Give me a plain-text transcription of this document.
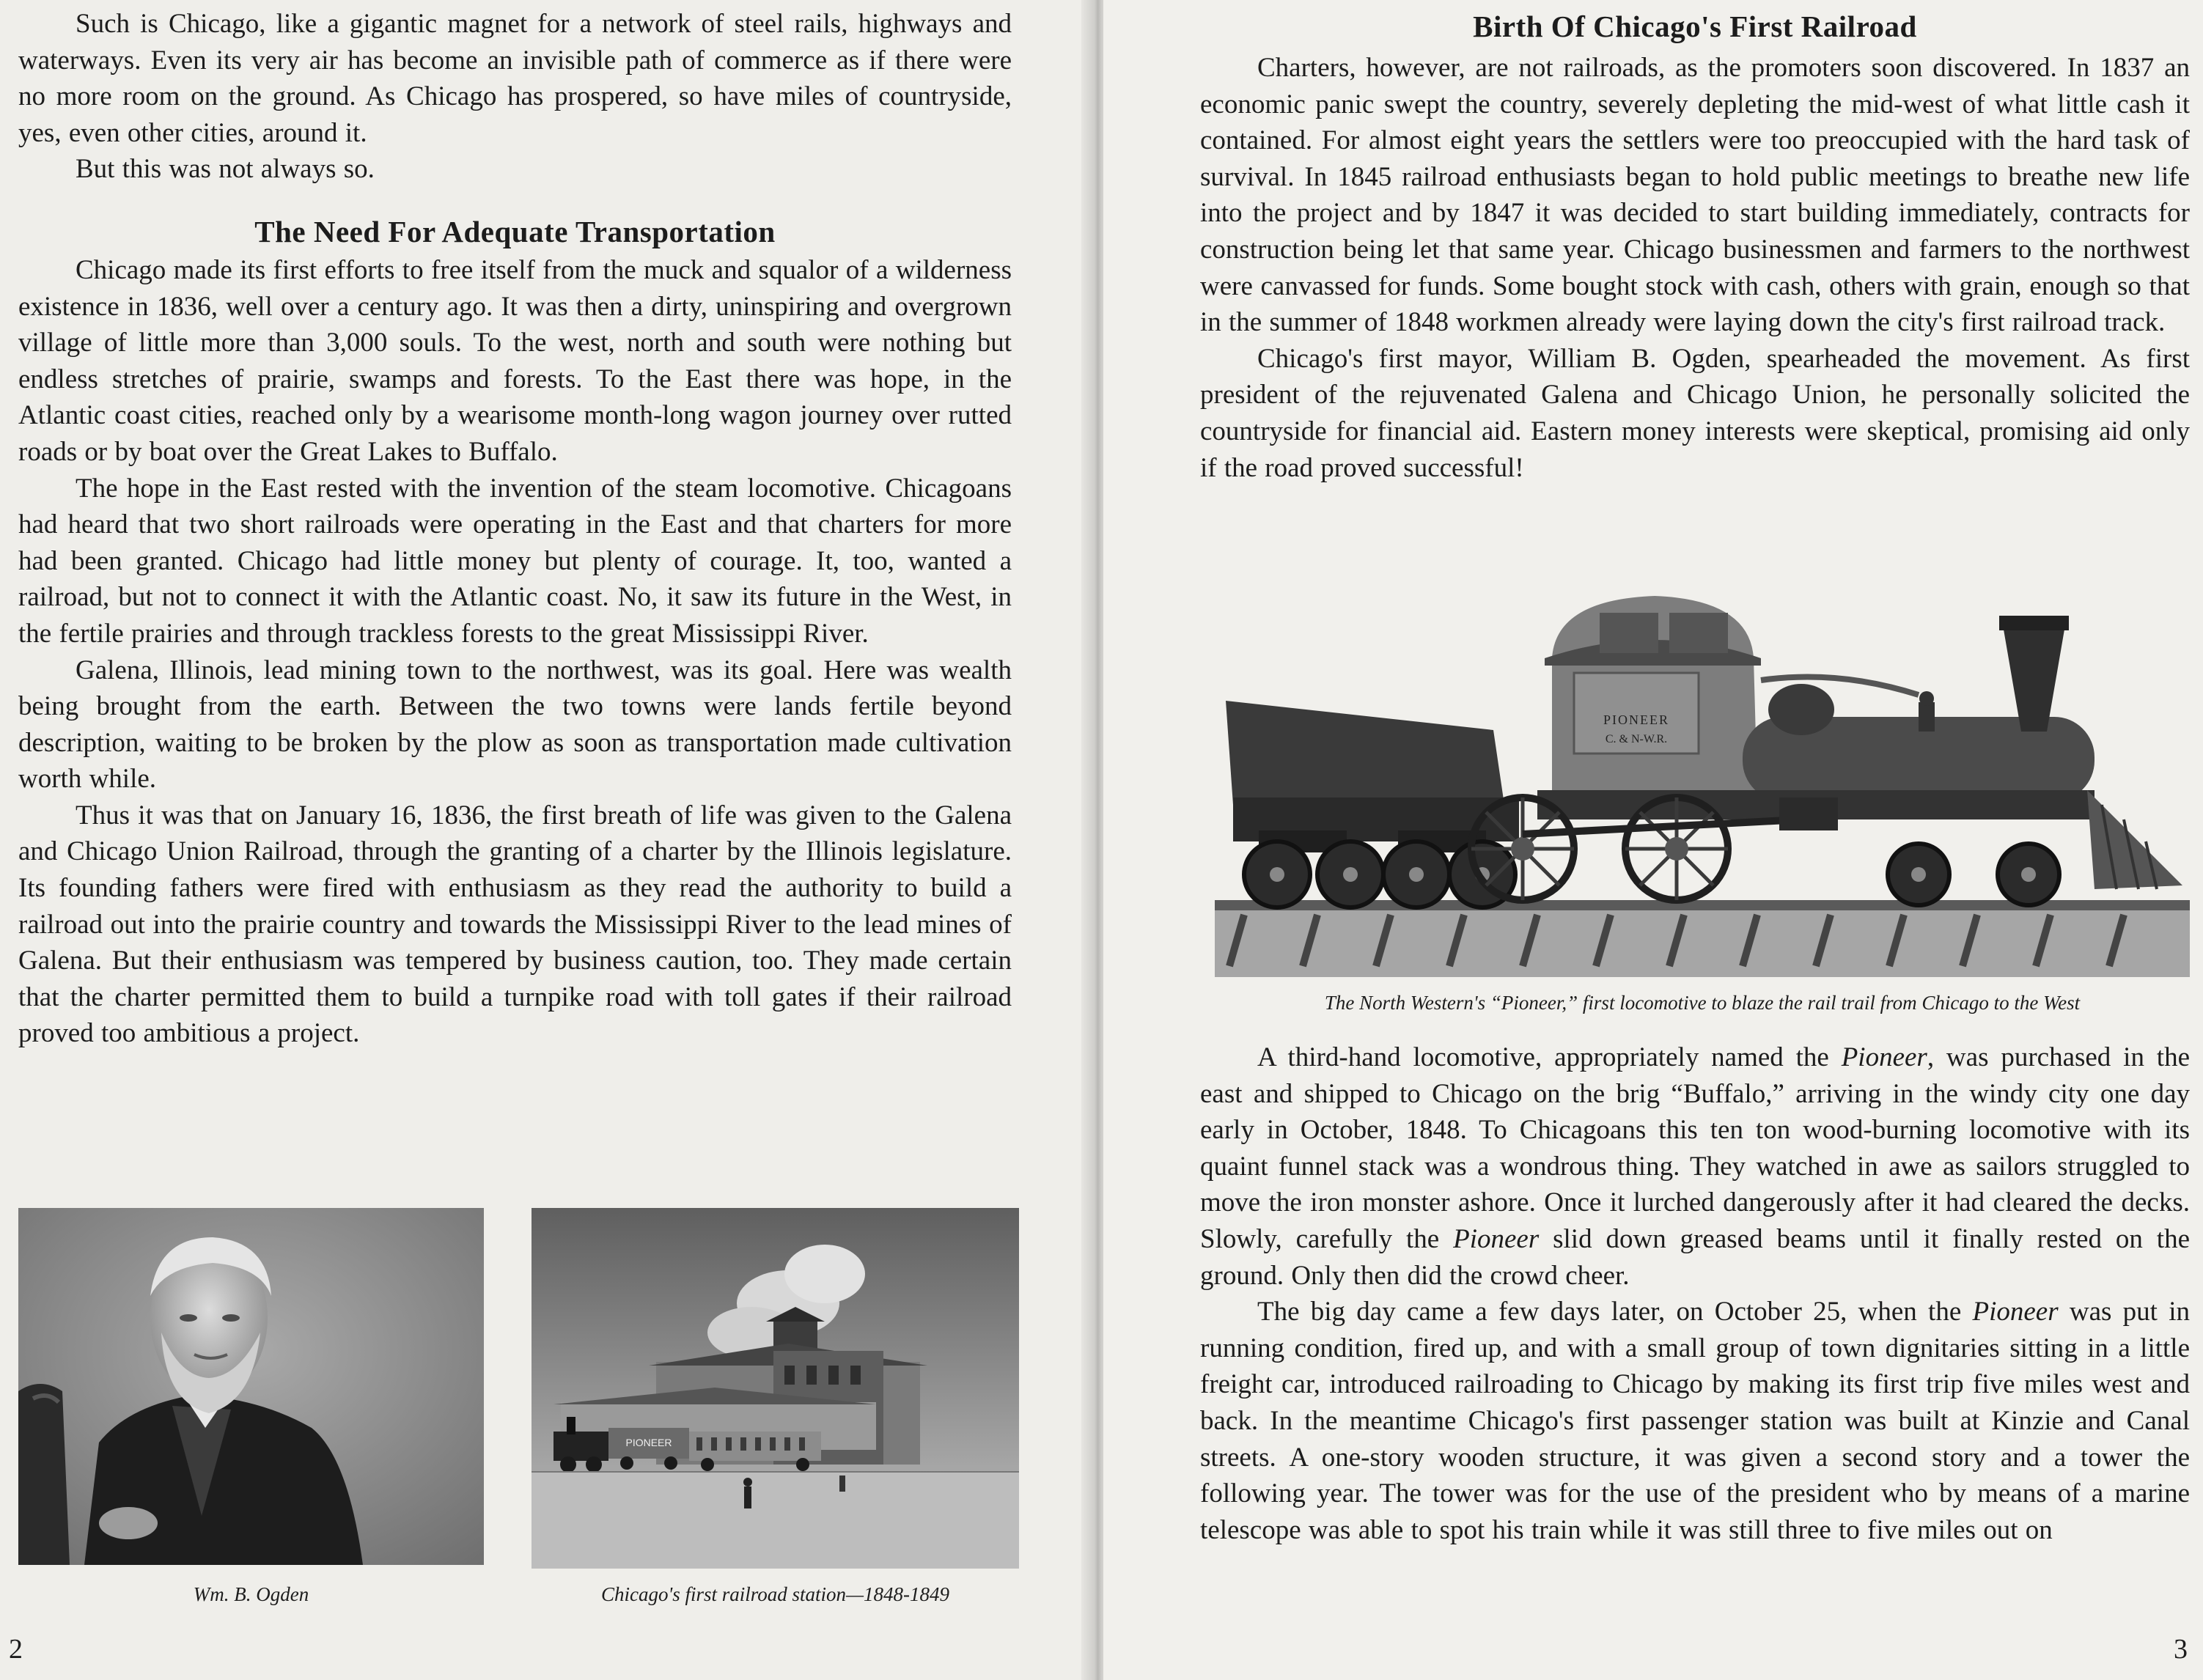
Such is Chicago, like a gigantic magnet for a network of steel rails, highways and waterways. Even its very air has become an invisible path of commerce as if there were no more room on the ground. As Chicago has prospered, so have miles of countryside, yes, even other cities, around it.

But this was not always so.

The Need For Adequate Transportation

Chicago made its first efforts to free itself from the muck and squalor of a wilderness existence in 1836, well over a century ago. It was then a dirty, uninspiring and overgrown village of little more than 3,000 souls. To the west, north and south were nothing but endless stretches of prairie, swamps and forests. To the East there was hope, in the Atlantic coast cities, reached only by a wearisome month-long wagon journey over rutted roads or by boat over the Great Lakes to Buffalo.

The hope in the East rested with the invention of the steam locomotive. Chicagoans had heard that two short railroads were operating in the East and that charters for more had been granted. Chicago had little money but plenty of courage. It, too, wanted a railroad, but not to connect it with the Atlantic coast. No, it saw its future in the West, in the fertile prairies and through trackless forests to the great Mississippi River.

Galena, Illinois, lead mining town to the northwest, was its goal. Here was wealth being brought from the earth. Between the two towns were lands fertile beyond description, waiting to be broken by the plow as soon as transportation made cultivation worth while.

Thus it was that on January 16, 1836, the first breath of life was given to the Galena and Chicago Union Railroad, through the granting of a charter by the Illinois legislature. Its founding fathers were fired with enthusiasm as they read the authority to build a railroad out into the prairie country and towards the Mississippi River to the lead mines of Galena. But their enthusiasm was tempered by business caution, too. They made certain that the charter permitted them to build a turnpike road with toll gates if their railroad proved too ambitious a project.

Wm. B. Ogden
PIONEER
Chicago's first railroad station—1848-1849
2
Birth Of Chicago's First Railroad

Charters, however, are not railroads, as the promoters soon discovered. In 1837 an economic panic swept the country, severely depleting the mid-west of what little cash it contained. For almost eight years the settlers were too preoccupied with the hard task of survival. In 1845 railroad enthusiasts began to hold public meetings to breathe new life into the project and by 1847 it was decided to start building immediately, contracts for construction being let that same year. Chicago businessmen and farmers to the northwest were canvassed for funds. Some bought stock with cash, others with grain, enough so that in the summer of 1848 workmen already were laying down the city's first railroad track.

Chicago's first mayor, William B. Ogden, spearheaded the movement. As first president of the rejuvenated Galena and Chicago Union, he personally solicited the countryside for financial aid. Eastern money interests were skeptical, promising aid only if the road proved successful!

PIONEER
C. & N-W.R.
The North Western's “Pioneer,” first locomotive to blaze the rail trail from Chicago to the West

A third-hand locomotive, appropriately named the Pioneer, was purchased in the east and shipped to Chicago on the brig “Buffalo,” arriving in the windy city one day early in October, 1848. To Chicagoans this ten ton wood-burning locomotive with its quaint funnel stack was a wondrous thing. They watched in awe as sailors struggled to move the iron monster ashore. Once it lurched dangerously after it had cleared the decks. Slowly, carefully the Pioneer slid down greased beams until it finally rested on the ground. Only then did the crowd cheer.

The big day came a few days later, on October 25, when the Pioneer was put in running condition, fired up, and with a small group of town dignitaries sitting in a little freight car, introduced railroading to Chicago by making its first trip five miles west and back. In the meantime Chicago's first passenger station was built at Kinzie and Canal streets. A one-story wooden structure, it was given a second story and a tower the following year. The tower was for the use of the president who by means of a marine telescope was able to spot his train while it was still three to five miles out on

3
